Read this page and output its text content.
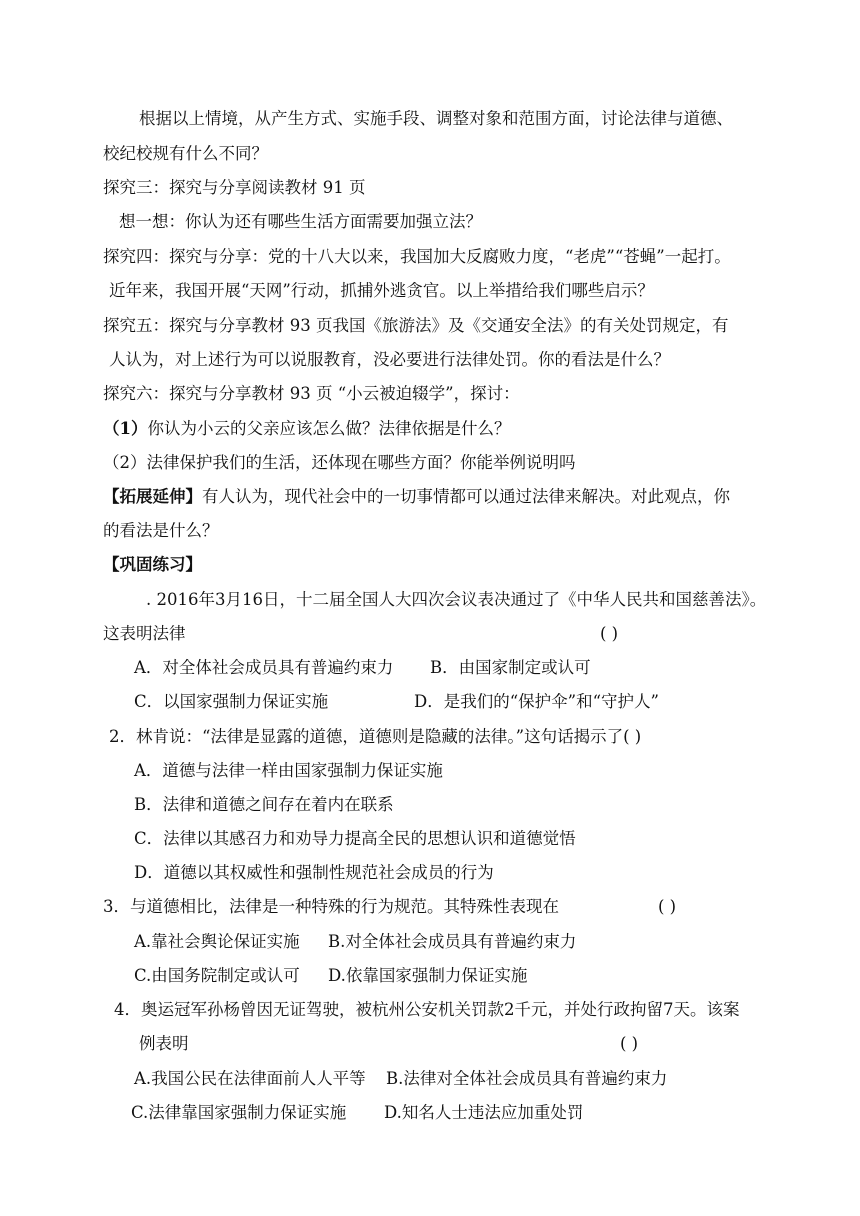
根据以上情境，从产生方式、实施手段、调整对象和范围方面，讨论法律与道德、
校纪校规有什么不同？
探究三：探究与分享阅读教材 91 页
想一想：你认为还有哪些生活方面需要加强立法？
探究四：探究与分享：党的十八大以来，我国加大反腐败力度，“老虎”“苍蝇”一起打。
近年来，我国开展“天网”行动，抓捕外逃贪官。以上举措给我们哪些启示？
探究五：探究与分享教材 93 页我国《旅游法》及《交通安全法》的有关处罚规定，有
人认为，对上述行为可以说服教育，没必要进行法律处罚。你的看法是什么？
探究六：探究与分享教材 93 页 “小云被迫辍学”，探讨：
（1）你认为小云的父亲应该怎么做？法律依据是什么？
（2）法律保护我们的生活，还体现在哪些方面？你能举例说明吗
【拓展延伸】有人认为，现代社会中的一切事情都可以通过法律来解决。对此观点，你
的看法是什么？
【巩固练习】
. 2016年3月16日，十二届全国人大四次会议表决通过了《中华人民共和国慈善法》。
这表明法律	( )
A．对全体社会成员具有普遍约束力 B．由国家制定或认可
C．以国家强制力保证实施	D．是我们的“保护伞”和“守护人”
2．林肯说：“法律是显露的道德，道德则是隐藏的法律。”这句话揭示了( )
A．道德与法律一样由国家强制力保证实施
B．法律和道德之间存在着内在联系
C．法律以其感召力和劝导力提高全民的思想认识和道德觉悟
D．道德以其权威性和强制性规范社会成员的行为
3．与道德相比，法律是一种特殊的行为规范。其特殊性表现在	( )
A.靠社会舆论保证实施 B.对全体社会成员具有普遍约束力
C.由国务院制定或认可 D.依靠国家强制力保证实施
4．奥运冠军孙杨曾因无证驾驶，被杭州公安机关罚款2千元，并处行政拘留7天。该案
例表明	( )
A.我国公民在法律面前人人平等 B.法律对全体社会成员具有普遍约束力
C.法律靠国家强制力保证实施 D.知名人士违法应加重处罚
